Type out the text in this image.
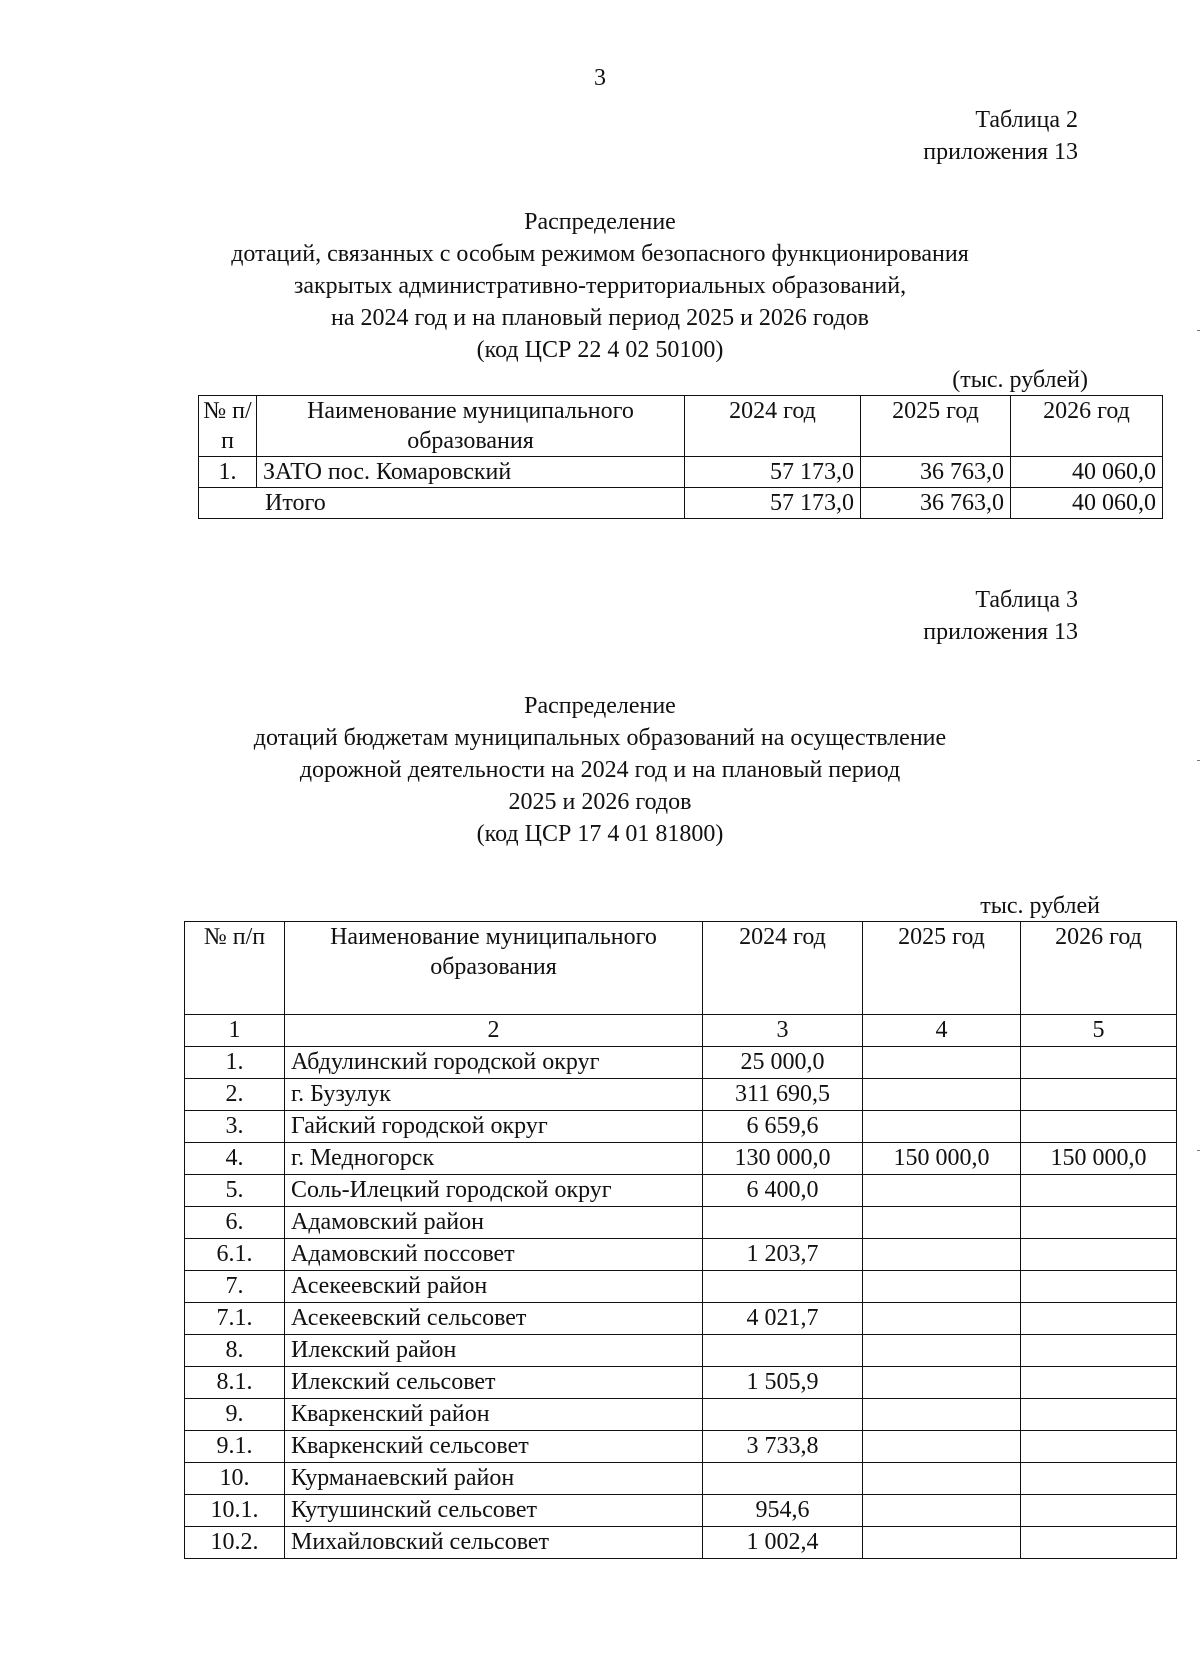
3
Таблица 2
приложения 13
Распределение
дотаций, связанных с особым режимом безопасного функционирования
закрытых административно-территориальных образований,
на 2024 год и на плановый период 2025 и 2026 годов
(код ЦСР 22 4 02 50100)
(тыс. рублей)
№ п/п	Наименование муниципального образования	2024 год	2025 год	2026 год
1.	ЗАТО пос. Комаровский	57 173,0	36 763,0	40 060,0
Итого		57 173,0	36 763,0	40 060,0
Таблица 3
приложения 13
Распределение
дотаций бюджетам муниципальных образований на осуществление
дорожной деятельности на 2024 год и на плановый период
2025 и 2026 годов
(код ЦСР 17 4 01 81800)
тыс. рублей
№ п/п	Наименование муниципального образования	2024 год	2025 год	2026 год
1	2	3	4	5
1.	Абдулинский городской округ	25 000,0		
2.	г. Бузулук	311 690,5		
3.	Гайский городской округ	6 659,6		
4.	г. Медногорск	130 000,0	150 000,0	150 000,0
5.	Соль-Илецкий городской округ	6 400,0		
6.	Адамовский район			
6.1.	Адамовский поссовет	1 203,7		
7.	Асекеевский район			
7.1.	Асекеевский сельсовет	4 021,7		
8.	Илекский район			
8.1.	Илекский сельсовет	1 505,9		
9.	Кваркенский район			
9.1.	Кваркенский сельсовет	3 733,8		
10.	Курманаевский район			
10.1.	Кутушинский сельсовет	954,6		
10.2.	Михайловский сельсовет	1 002,4		
